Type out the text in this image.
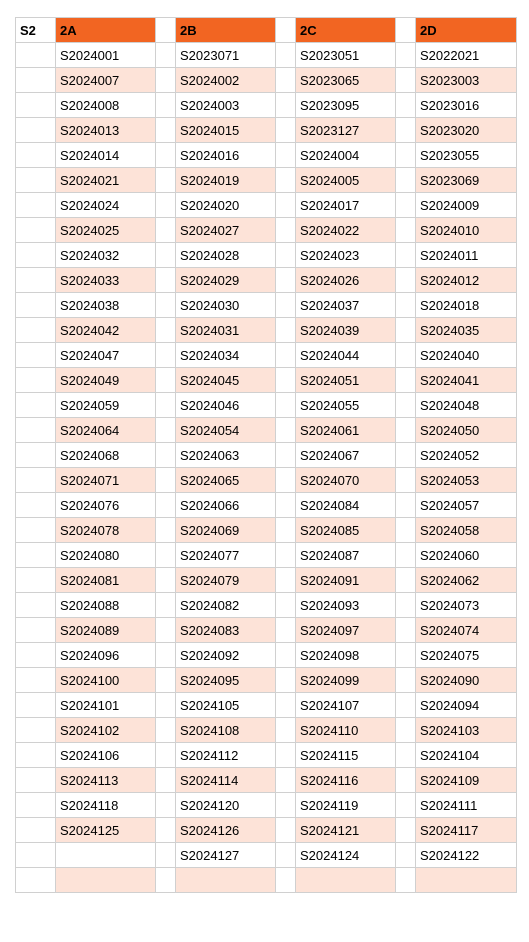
S2	2A		2B		2C		2D
	S2024001		S2023071		S2023051		S2022021
	S2024007		S2024002		S2023065		S2023003
	S2024008		S2024003		S2023095		S2023016
	S2024013		S2024015		S2023127		S2023020
	S2024014		S2024016		S2024004		S2023055
	S2024021		S2024019		S2024005		S2023069
	S2024024		S2024020		S2024017		S2024009
	S2024025		S2024027		S2024022		S2024010
	S2024032		S2024028		S2024023		S2024011
	S2024033		S2024029		S2024026		S2024012
	S2024038		S2024030		S2024037		S2024018
	S2024042		S2024031		S2024039		S2024035
	S2024047		S2024034		S2024044		S2024040
	S2024049		S2024045		S2024051		S2024041
	S2024059		S2024046		S2024055		S2024048
	S2024064		S2024054		S2024061		S2024050
	S2024068		S2024063		S2024067		S2024052
	S2024071		S2024065		S2024070		S2024053
	S2024076		S2024066		S2024084		S2024057
	S2024078		S2024069		S2024085		S2024058
	S2024080		S2024077		S2024087		S2024060
	S2024081		S2024079		S2024091		S2024062
	S2024088		S2024082		S2024093		S2024073
	S2024089		S2024083		S2024097		S2024074
	S2024096		S2024092		S2024098		S2024075
	S2024100		S2024095		S2024099		S2024090
	S2024101		S2024105		S2024107		S2024094
	S2024102		S2024108		S2024110		S2024103
	S2024106		S2024112		S2024115		S2024104
	S2024113		S2024114		S2024116		S2024109
	S2024118		S2024120		S2024119		S2024111
	S2024125		S2024126		S2024121		S2024117
			S2024127		S2024124		S2024122
